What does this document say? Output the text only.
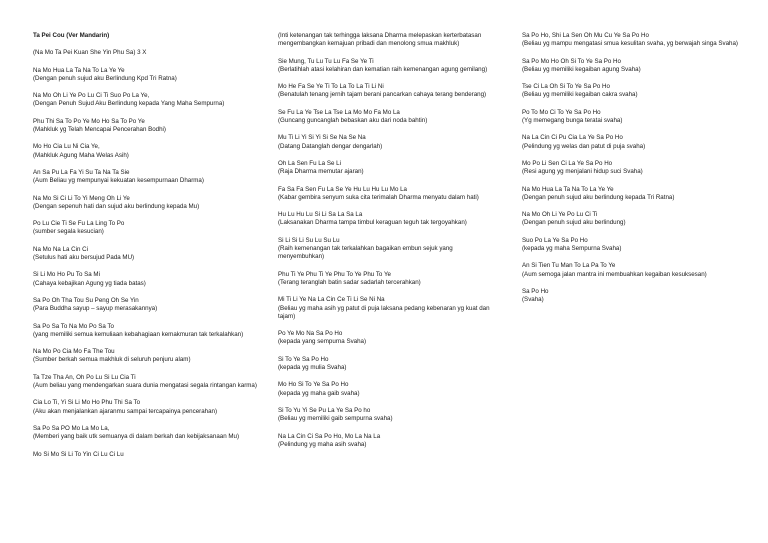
Ta Pei Cou (Ver Mandarin)
(Na Mo Ta Pei Kuan She Yin Phu Sa) 3 X
Na Mo Hua La Ta Na To La Ye Ye
(Dengan penuh sujud aku Berlindung Kpd Tri Ratna)
Na Mo Oh Li Ye Po Lu Ci Ti Suo Po La Ye,
(Dengan Penuh Sujud Aku Berlindung kepada Yang Maha Sempurna)
Phu Thi Sa To Po Ye Mo Ho Sa To Po Ye
(Mahkluk yg Telah Mencapai Pencerahan Bodhi)
Mo Ho Cia Lu Ni Cia Ye,
(Mahkluk Agung Maha Welas Asih)
An Sa Pu La Fa Yi Su Ta Na Ta Sie
(Aum Beliau yg mempunyai kekuatan kesempurnaan Dharma)
Na Mo Si Ci Li To Yi Meng Oh Li Ye
(Dengan sepenuh hati dan sujud aku berlindung kepada Mu)
Po Lu Cie Ti Se Fu La Ling To Po
(sumber segala kesucian)
Na Mo Na La Cin Ci
(Setulus hati aku bersujud Pada MU)
Si Li Mo Ho Pu To Sa Mi
(Cahaya kebajikan Agung yg tiada batas)
Sa Po Oh Tha Tou Su Peng Oh Se Yin
(Para Buddha sayup – sayup merasakannya)
Sa Po Sa To Na Mo Po Sa To
(yang memiliki semua kemuliaan kebahagiaan kemakmuran tak terkalahkan)
Na Mo Po Cia Mo Fa The Tou
(Sumber berkah semua makhluk di seluruh penjuru alam)
Ta Tze Tha An, Oh Po Lu Si Lu Cia Ti
(Aum beliau yang mendengarkan suara dunia mengatasi segala rintangan karma)
Cia Lo Ti, Yi Si Li Mo Ho Phu Thi Sa To
(Aku akan menjalankan ajaranmu sampai tercapainya pencerahan)
Sa Po Sa PO Mo La Mo La,
(Memberi yang baik utk semuanya di dalam berkah dan kebijaksanaan Mu)
Mo Si Mo Si Li To Yin Ci Lu Ci Lu
(Inti ketenangan tak terhingga laksana Dharma melepaskan kerterbatasan mengembangkan kemajuan pribadi dan menolong smua makhluk)
Sie Mung, Tu Lu Tu Lu Fa Se Ye Ti
(Berlatihlah atasi kelahiran dan kematian raih kemenangan agung gemilang)
Mo He Fa Se Ye Ti To La To La Ti Li Ni
(Benatulah tenang jernih tajam berani pancarkan cahaya terang benderang)
Se Fu La Ye Tse La Tse La Mo Mo Fa Mo La
(Guncang guncanglah bebaskan aku dari noda bahtin)
Mu Ti Li Yi Si Yi Si Se Na Se Na
(Datang Datanglah dengar dengarlah)
Oh La Sen Fu La Se Li
(Raja Dharma memutar ajaran)
Fa Sa Fa Sen Fu La Se Ye Hu Lu Hu Lu Mo La
(Kabar gembira senyum suka cita terimalah Dharma menyatu dalam hati)
Hu Lu Hu Lu Si Li Sa La Sa La
(Laksanakan Dharma tampa timbul keraguan teguh tak tergoyahkan)
Si Li Si Li Su Lu Su Lu
(Raih kemenangan tak terkalahkan bagaikan embun sejuk yang menyembuhkan)
Phu Ti Ye Phu Ti Ye Phu To Ye Phu To Ye
(Terang teranglah batin sadar sadarlah tercerahkan)
Mi Ti Li Ye Na La Cin Ce Ti Li Se Ni Na
(Beliau yg maha asih yg patut di puja laksana pedang kebenaran yg kuat dan tajam)
Po Ye Mo Na Sa Po Ho
(kepada yang sempurna Svaha)
Si To Ye Sa Po Ho
(kepada yg mulia Svaha)
Mo Ho Si To Ye Sa Po Ho
(kepada yg maha gaib svaha)
Si To Yu Yi Se Pu La Ye Sa Po ho
(Beliau yg memiliki gaib sempurna svaha)
Na La Cin Ci Sa Po Ho, Mo La Na La
(Pelindung yg maha asih svaha)
Sa Po Ho, Shi La Sen Oh Mu Cu Ye Sa Po Ho
(Beliau yg mampu mengatasi smua kesulitan svaha, yg berwajah singa Svaha)
Sa Po Mo Ho Oh Si To Ye Sa Po Ho
(Beliau yg memiliki kegaiban agung Svaha)
Tse Ci La Oh Si To Ye Sa Po Ho
(Beliau yg memiliki kegaiban cakra svaha)
Po To Mo Ci To Ye Sa Po Ho
(Yg memegang bunga teratai svaha)
Na La Cin Ci Pu Cia La Ye Sa Po Ho
(Pelindung yg welas dan patut di puja svaha)
Mo Po Li Sen Ci La Ye Sa Po Ho
(Resi agung yg menjalani hidup suci Svaha)
Na Mo Hua La Ta Na To La Ye Ye
(Dengan penuh sujud aku berlindung kepada Tri Ratna)
Na Mo Oh Li Ye Po Lu Ci Ti
(Dengan penuh sujud aku berlindung)
Suo Po La Ye Sa Po Ho
(kepada yg maha Sempurna Svaha)
An Si Tien Tu Man To La Pa To Ye
(Aum semoga jalan mantra ini membuahkan kegaiban kesuksesan)
Sa Po Ho
(Svaha)
